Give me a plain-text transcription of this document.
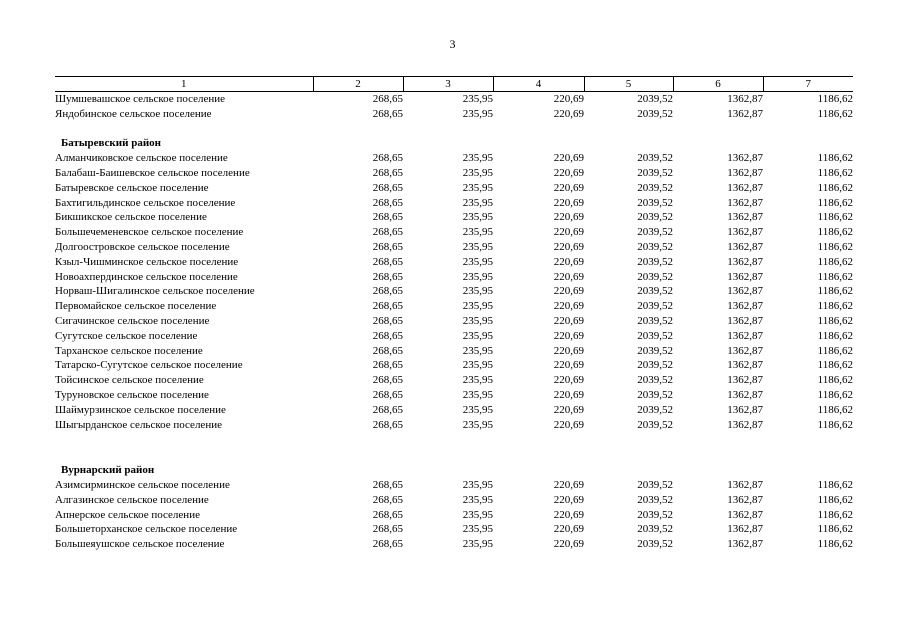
3
1	2	3	4	5	6	7

Шумшевашское сельское поселение	268,65	235,95	220,69	2039,52	1362,87	1186,62

Яндобинское сельское поселение	268,65	235,95	220,69	2039,52	1362,87	1186,62

Батыревский район						

Алманчиковское сельское поселение	268,65	235,95	220,69	2039,52	1362,87	1186,62

Балабаш-Баишевское сельское поселение	268,65	235,95	220,69	2039,52	1362,87	1186,62

Батыревское сельское поселение	268,65	235,95	220,69	2039,52	1362,87	1186,62

Бахтигильдинское сельское поселение	268,65	235,95	220,69	2039,52	1362,87	1186,62

Бикшикское сельское поселение	268,65	235,95	220,69	2039,52	1362,87	1186,62

Большечеменевское сельское поселение	268,65	235,95	220,69	2039,52	1362,87	1186,62

Долгоостровское сельское поселение	268,65	235,95	220,69	2039,52	1362,87	1186,62

Кзыл-Чишминское сельское поселение	268,65	235,95	220,69	2039,52	1362,87	1186,62

Новоахпердинское сельское поселение	268,65	235,95	220,69	2039,52	1362,87	1186,62

Норваш-Шигалинское сельское поселение	268,65	235,95	220,69	2039,52	1362,87	1186,62

Первомайское сельское поселение	268,65	235,95	220,69	2039,52	1362,87	1186,62

Сигачинское сельское поселение	268,65	235,95	220,69	2039,52	1362,87	1186,62

Сугутское сельское поселение	268,65	235,95	220,69	2039,52	1362,87	1186,62

Тарханское сельское поселение	268,65	235,95	220,69	2039,52	1362,87	1186,62

Татарско-Сугутское сельское поселение	268,65	235,95	220,69	2039,52	1362,87	1186,62

Тойсинское сельское поселение	268,65	235,95	220,69	2039,52	1362,87	1186,62

Туруновское сельское поселение	268,65	235,95	220,69	2039,52	1362,87	1186,62

Шаймурзинское сельское поселение	268,65	235,95	220,69	2039,52	1362,87	1186,62

Шыгырданское сельское поселение	268,65	235,95	220,69	2039,52	1362,87	1186,62

Вурнарский район						

Азимсирминское сельское поселение	268,65	235,95	220,69	2039,52	1362,87	1186,62

Алгазинское сельское поселение	268,65	235,95	220,69	2039,52	1362,87	1186,62

Апнерское сельское поселение	268,65	235,95	220,69	2039,52	1362,87	1186,62

Большеторханское сельское поселение	268,65	235,95	220,69	2039,52	1362,87	1186,62

Большеяушское сельское поселение	268,65	235,95	220,69	2039,52	1362,87	1186,62
